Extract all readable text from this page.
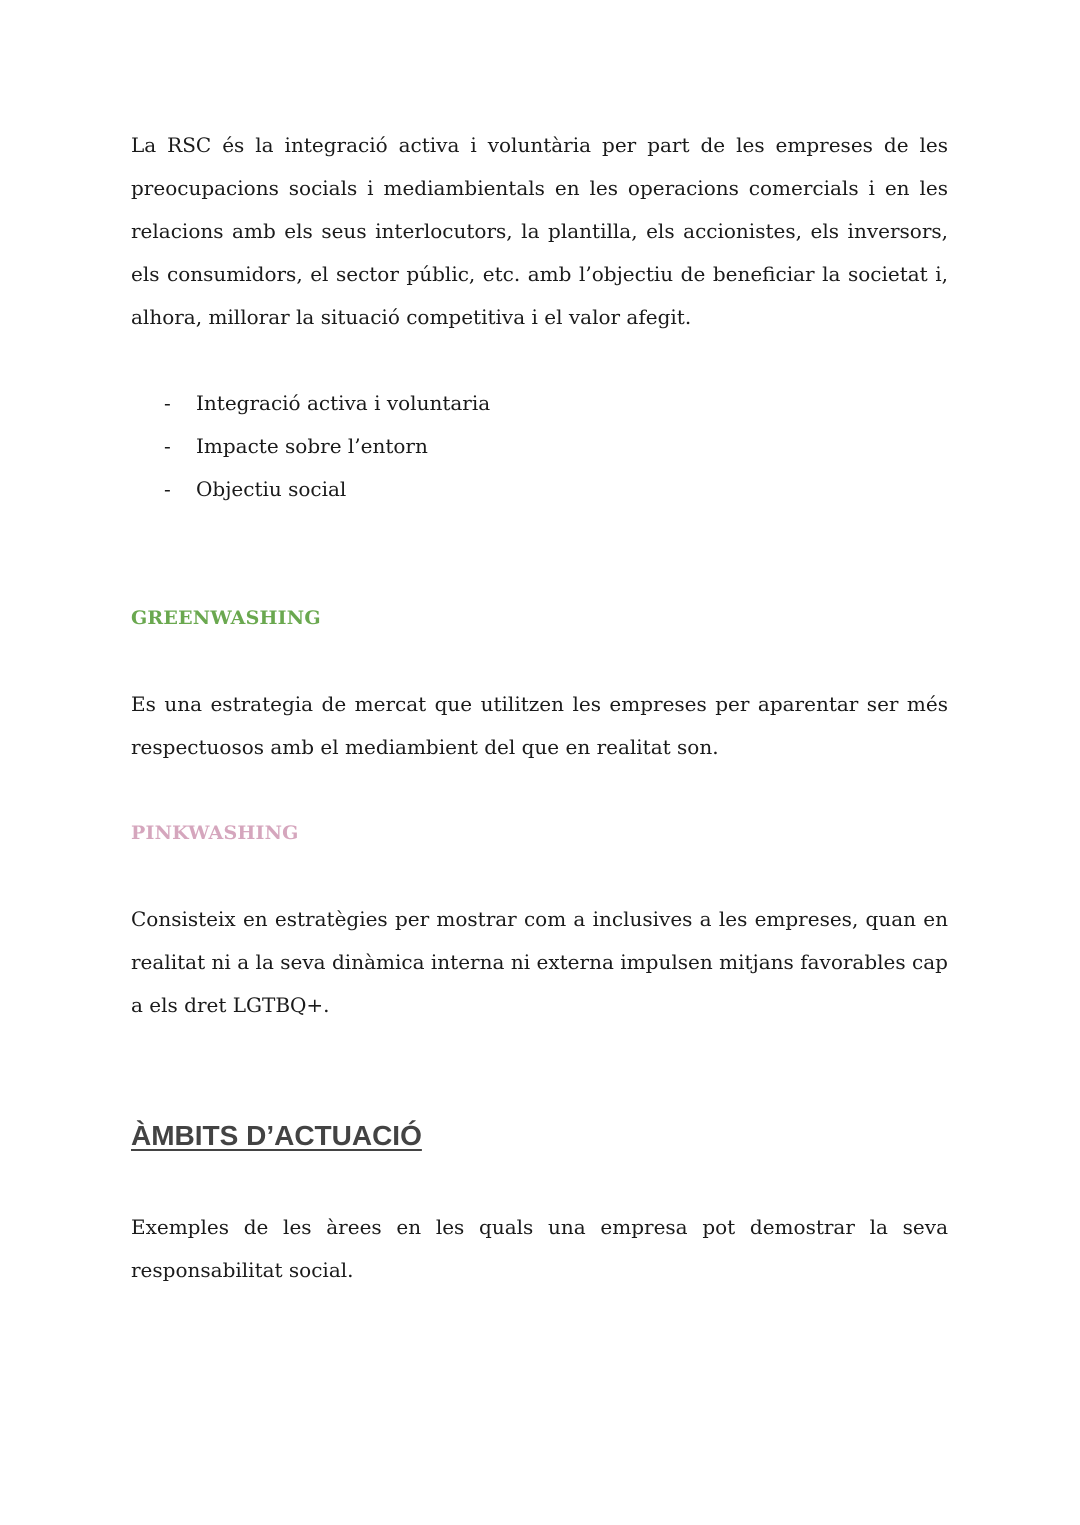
La RSC és la integració activa i voluntària per part de les empreses de les preocupacions socials i mediambientals en les operacions comercials i en les relacions amb els seus interlocutors, la plantilla, els accionistes, els inversors, els consumidors, el sector públic, etc. amb l’objectiu de beneficiar la societat i, alhora, millorar la situació competitiva i el valor afegit.

- Integració activa i voluntaria
- Impacte sobre l’entorn
- Objectiu social
GREENWASHING

Es una estrategia de mercat que utilitzen les empreses per aparentar ser més respectuosos amb el mediambient del que en realitat son.

PINKWASHING

Consisteix en estratègies per mostrar com a inclusives a les empreses, quan en realitat ni a la seva dinàmica interna ni externa impulsen mitjans favorables cap a els dret LGTBQ+.

ÀMBITS D’ACTUACIÓ

Exemples de les àrees en les quals una empresa pot demostrar la seva responsabilitat social.
